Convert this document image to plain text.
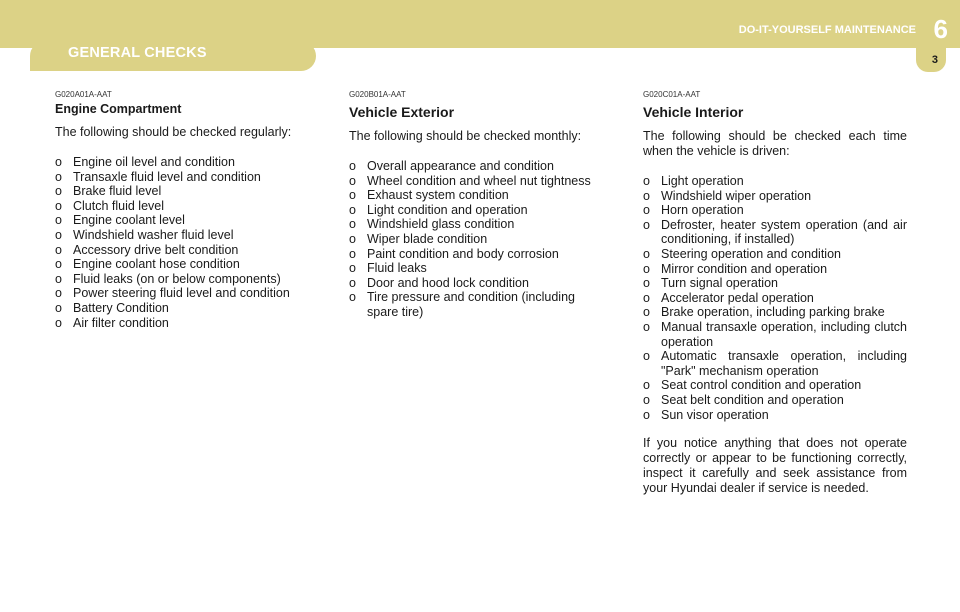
GENERAL CHECKS
DO-IT-YOURSELF MAINTENANCE 6
3
G020A01A-AAT
Engine Compartment
The following should be checked regularly:
o Engine oil level and condition
o Transaxle fluid level and condition
o Brake fluid level
o Clutch fluid level
o Engine coolant level
o Windshield washer fluid level
o Accessory drive belt condition
o Engine coolant hose condition
o Fluid leaks (on or below components)
o Power steering fluid level and condition
o Battery Condition
o Air filter condition
G020B01A-AAT
Vehicle Exterior
The following should be checked monthly:
o Overall appearance and condition
o Wheel condition and wheel nut tightness
o Exhaust system condition
o Light condition and operation
o Windshield glass condition
o Wiper blade condition
o Paint condition and body corrosion
o Fluid leaks
o Door and hood lock condition
o Tire pressure and condition (including spare tire)
G020C01A-AAT
Vehicle Interior
The following should be checked each time when the vehicle is driven:
o Light operation
o Windshield wiper operation
o Horn operation
o Defroster, heater system operation (and air conditioning, if installed)
o Steering operation and condition
o Mirror condition and operation
o Turn signal operation
o Accelerator pedal operation
o Brake operation, including parking brake
o Manual transaxle operation, including clutch operation
o Automatic transaxle operation, including "Park" mechanism operation
o Seat control condition and operation
o Seat belt condition and operation
o Sun visor operation
If you notice anything that does not operate correctly or appear to be functioning correctly, inspect it carefully and seek assistance from your Hyundai dealer if service is needed.
